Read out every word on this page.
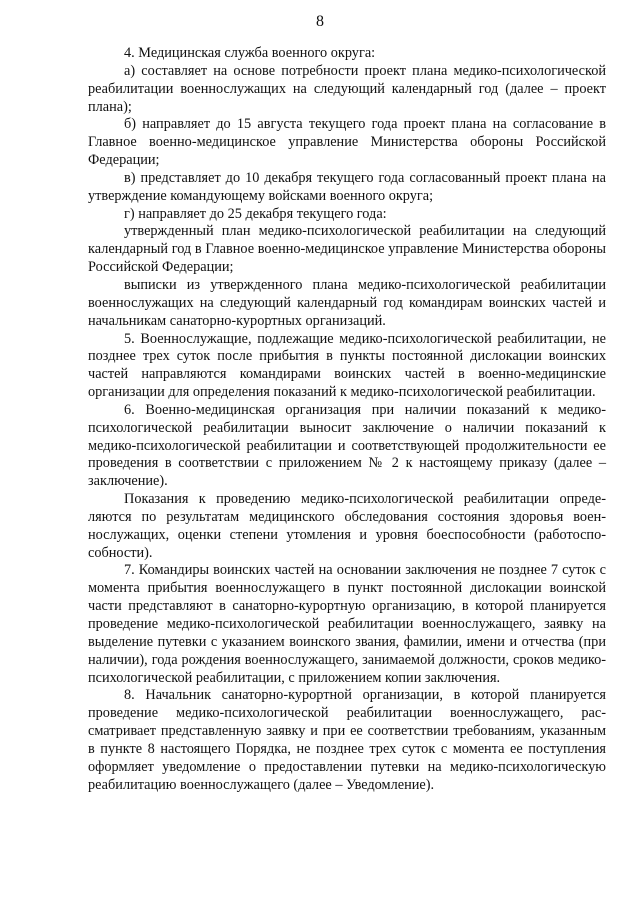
8

4. Медицинская служба военного округа:

а) составляет на основе потребности проект плана медико-психологической реабилитации военнослужащих на следующий календарный год (далее – проект плана);

б) направляет до 15 августа текущего года проект плана на согласование в Главное военно-медицинское управление Министерства обороны Российской Федерации;

в) представляет до 10 декабря текущего года согласованный проект плана на утверждение командующему войсками военного округа;

г) направляет до 25 декабря текущего года:

утвержденный план медико-психологической реабилитации на следующий календарный год в Главное военно-медицинское управление Министерства обороны Российской Федерации;

выписки из утвержденного плана медико-психологической реабилитации военнослужащих на следующий календарный год командирам воинских частей и начальникам санаторно-курортных организаций.

5. Военнослужащие, подлежащие медико-психологической реабилитации, не позднее трех суток после прибытия в пункты постоянной дислокации воинских частей направляются командирами воинских частей в военно-медицинские организации для определения показаний к медико-психологической реабилитации.

6. Военно-медицинская организация при наличии показаний к медико-психологической реабилитации выносит заключение о наличии показаний к медико-психологической реабилитации и соответствующей продолжительности ее проведения в соответствии с приложением № 2 к настоящему приказу (далее – заключение).

Показания к проведению медико-психологической реабилитации определяются по результатам медицинского обследования состояния здоровья военнослужащих, оценки степени утомления и уровня боеспособности (работоспособности).

7. Командиры воинских частей на основании заключения не позднее 7 суток с момента прибытия военнослужащего в пункт постоянной дислокации воинской части представляют в санаторно-курортную организацию, в которой планируется проведение медико-психологической реабилитации военнослужащего, заявку на выделение путевки с указанием воинского звания, фамилии, имени и отчества (при наличии), года рождения военнослужащего, занимаемой должности, сроков медико-психологической реабилитации, с приложением копии заключения.

8. Начальник санаторно-курортной организации, в которой планируется проведение медико-психологической реабилитации военнослужащего, рассматривает представленную заявку и при ее соответствии требованиям, указанным в пункте 8 настоящего Порядка, не позднее трех суток с момента ее поступления оформляет уведомление о предоставлении путевки на медико-психологическую реабилитацию военнослужащего (далее – Уведомление).
